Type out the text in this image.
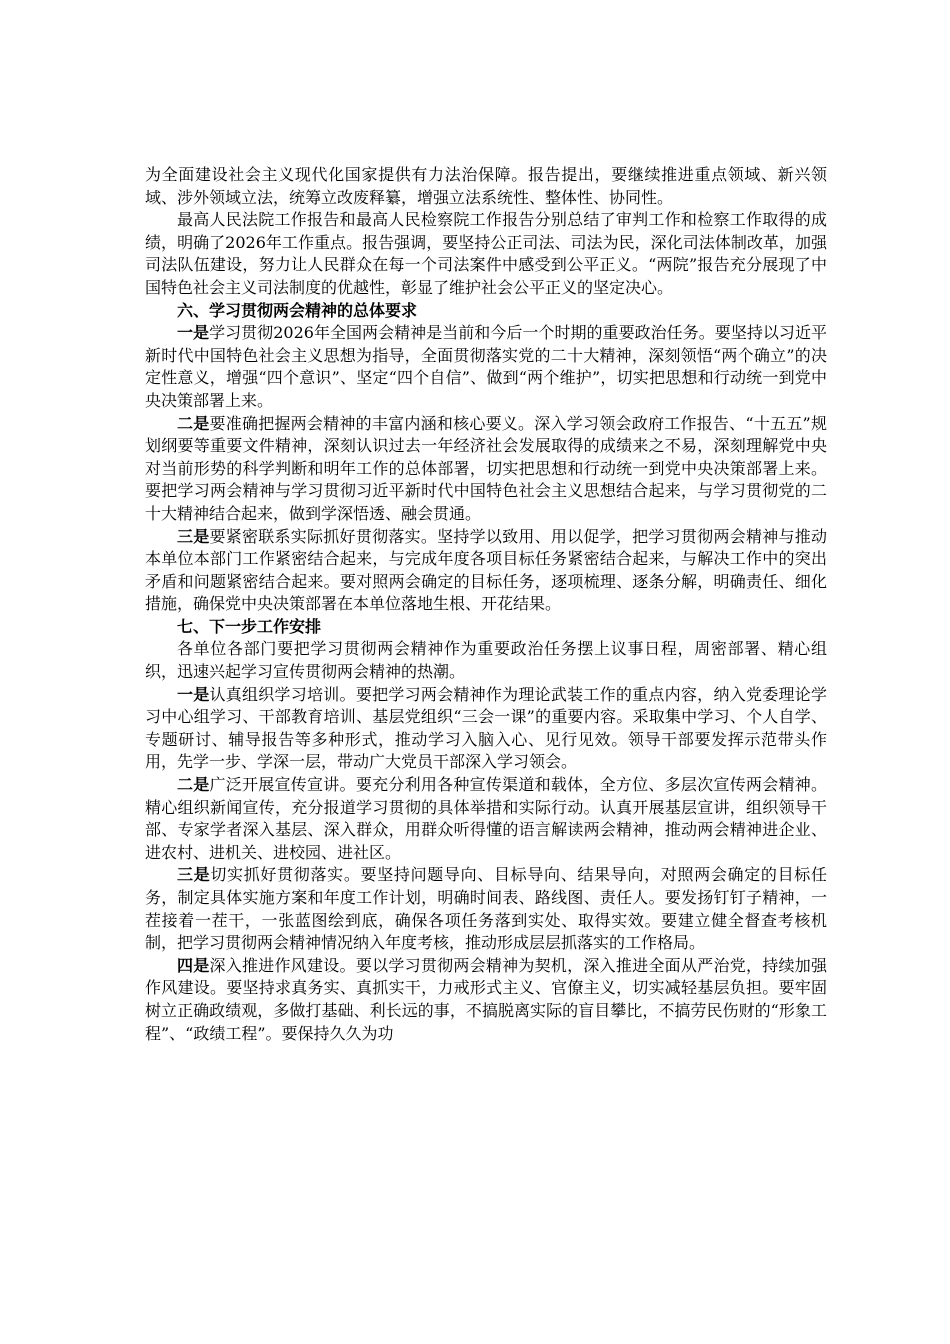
为全面建设社会主义现代化国家提供有力法治保障。报告提出，要继续推进重点领域、新兴领域、涉外领域立法，统筹立改废释纂，增强立法系统性、整体性、协同性。

最高人民法院工作报告和最高人民检察院工作报告分别总结了审判工作和检察工作取得的成绩，明确了2026年工作重点。报告强调，要坚持公正司法、司法为民，深化司法体制改革，加强司法队伍建设，努力让人民群众在每一个司法案件中感受到公平正义。“两院”报告充分展现了中国特色社会主义司法制度的优越性，彰显了维护社会公平正义的坚定决心。

六、学习贯彻两会精神的总体要求

一是学习贯彻2026年全国两会精神是当前和今后一个时期的重要政治任务。要坚持以习近平新时代中国特色社会主义思想为指导，全面贯彻落实党的二十大精神，深刻领悟“两个确立”的决定性意义，增强“四个意识”、坚定“四个自信”、做到“两个维护”，切实把思想和行动统一到党中央决策部署上来。

二是要准确把握两会精神的丰富内涵和核心要义。深入学习领会政府工作报告、“十五五”规划纲要等重要文件精神，深刻认识过去一年经济社会发展取得的成绩来之不易，深刻理解党中央对当前形势的科学判断和明年工作的总体部署，切实把思想和行动统一到党中央决策部署上来。要把学习两会精神与学习贯彻习近平新时代中国特色社会主义思想结合起来，与学习贯彻党的二十大精神结合起来，做到学深悟透、融会贯通。

三是要紧密联系实际抓好贯彻落实。坚持学以致用、用以促学，把学习贯彻两会精神与推动本单位本部门工作紧密结合起来，与完成年度各项目标任务紧密结合起来，与解决工作中的突出矛盾和问题紧密结合起来。要对照两会确定的目标任务，逐项梳理、逐条分解，明确责任、细化措施，确保党中央决策部署在本单位落地生根、开花结果。

七、下一步工作安排

各单位各部门要把学习贯彻两会精神作为重要政治任务摆上议事日程，周密部署、精心组织，迅速兴起学习宣传贯彻两会精神的热潮。

一是认真组织学习培训。要把学习两会精神作为理论武装工作的重点内容，纳入党委理论学习中心组学习、干部教育培训、基层党组织“三会一课”的重要内容。采取集中学习、个人自学、专题研讨、辅导报告等多种形式，推动学习入脑入心、见行见效。领导干部要发挥示范带头作用，先学一步、学深一层，带动广大党员干部深入学习领会。

二是广泛开展宣传宣讲。要充分利用各种宣传渠道和载体，全方位、多层次宣传两会精神。精心组织新闻宣传，充分报道学习贯彻的具体举措和实际行动。认真开展基层宣讲，组织领导干部、专家学者深入基层、深入群众，用群众听得懂的语言解读两会精神，推动两会精神进企业、进农村、进机关、进校园、进社区。

三是切实抓好贯彻落实。要坚持问题导向、目标导向、结果导向，对照两会确定的目标任务，制定具体实施方案和年度工作计划，明确时间表、路线图、责任人。要发扬钉钉子精神，一茬接着一茬干，一张蓝图绘到底，确保各项任务落到实处、取得实效。要建立健全督查考核机制，把学习贯彻两会精神情况纳入年度考核，推动形成层层抓落实的工作格局。

四是深入推进作风建设。要以学习贯彻两会精神为契机，深入推进全面从严治党，持续加强作风建设。要坚持求真务实、真抓实干，力戒形式主义、官僚主义，切实减轻基层负担。要牢固树立正确政绩观，多做打基础、利长远的事，不搞脱离实际的盲目攀比，不搞劳民伤财的“形象工程”、“政绩工程”。要保持久久为功
